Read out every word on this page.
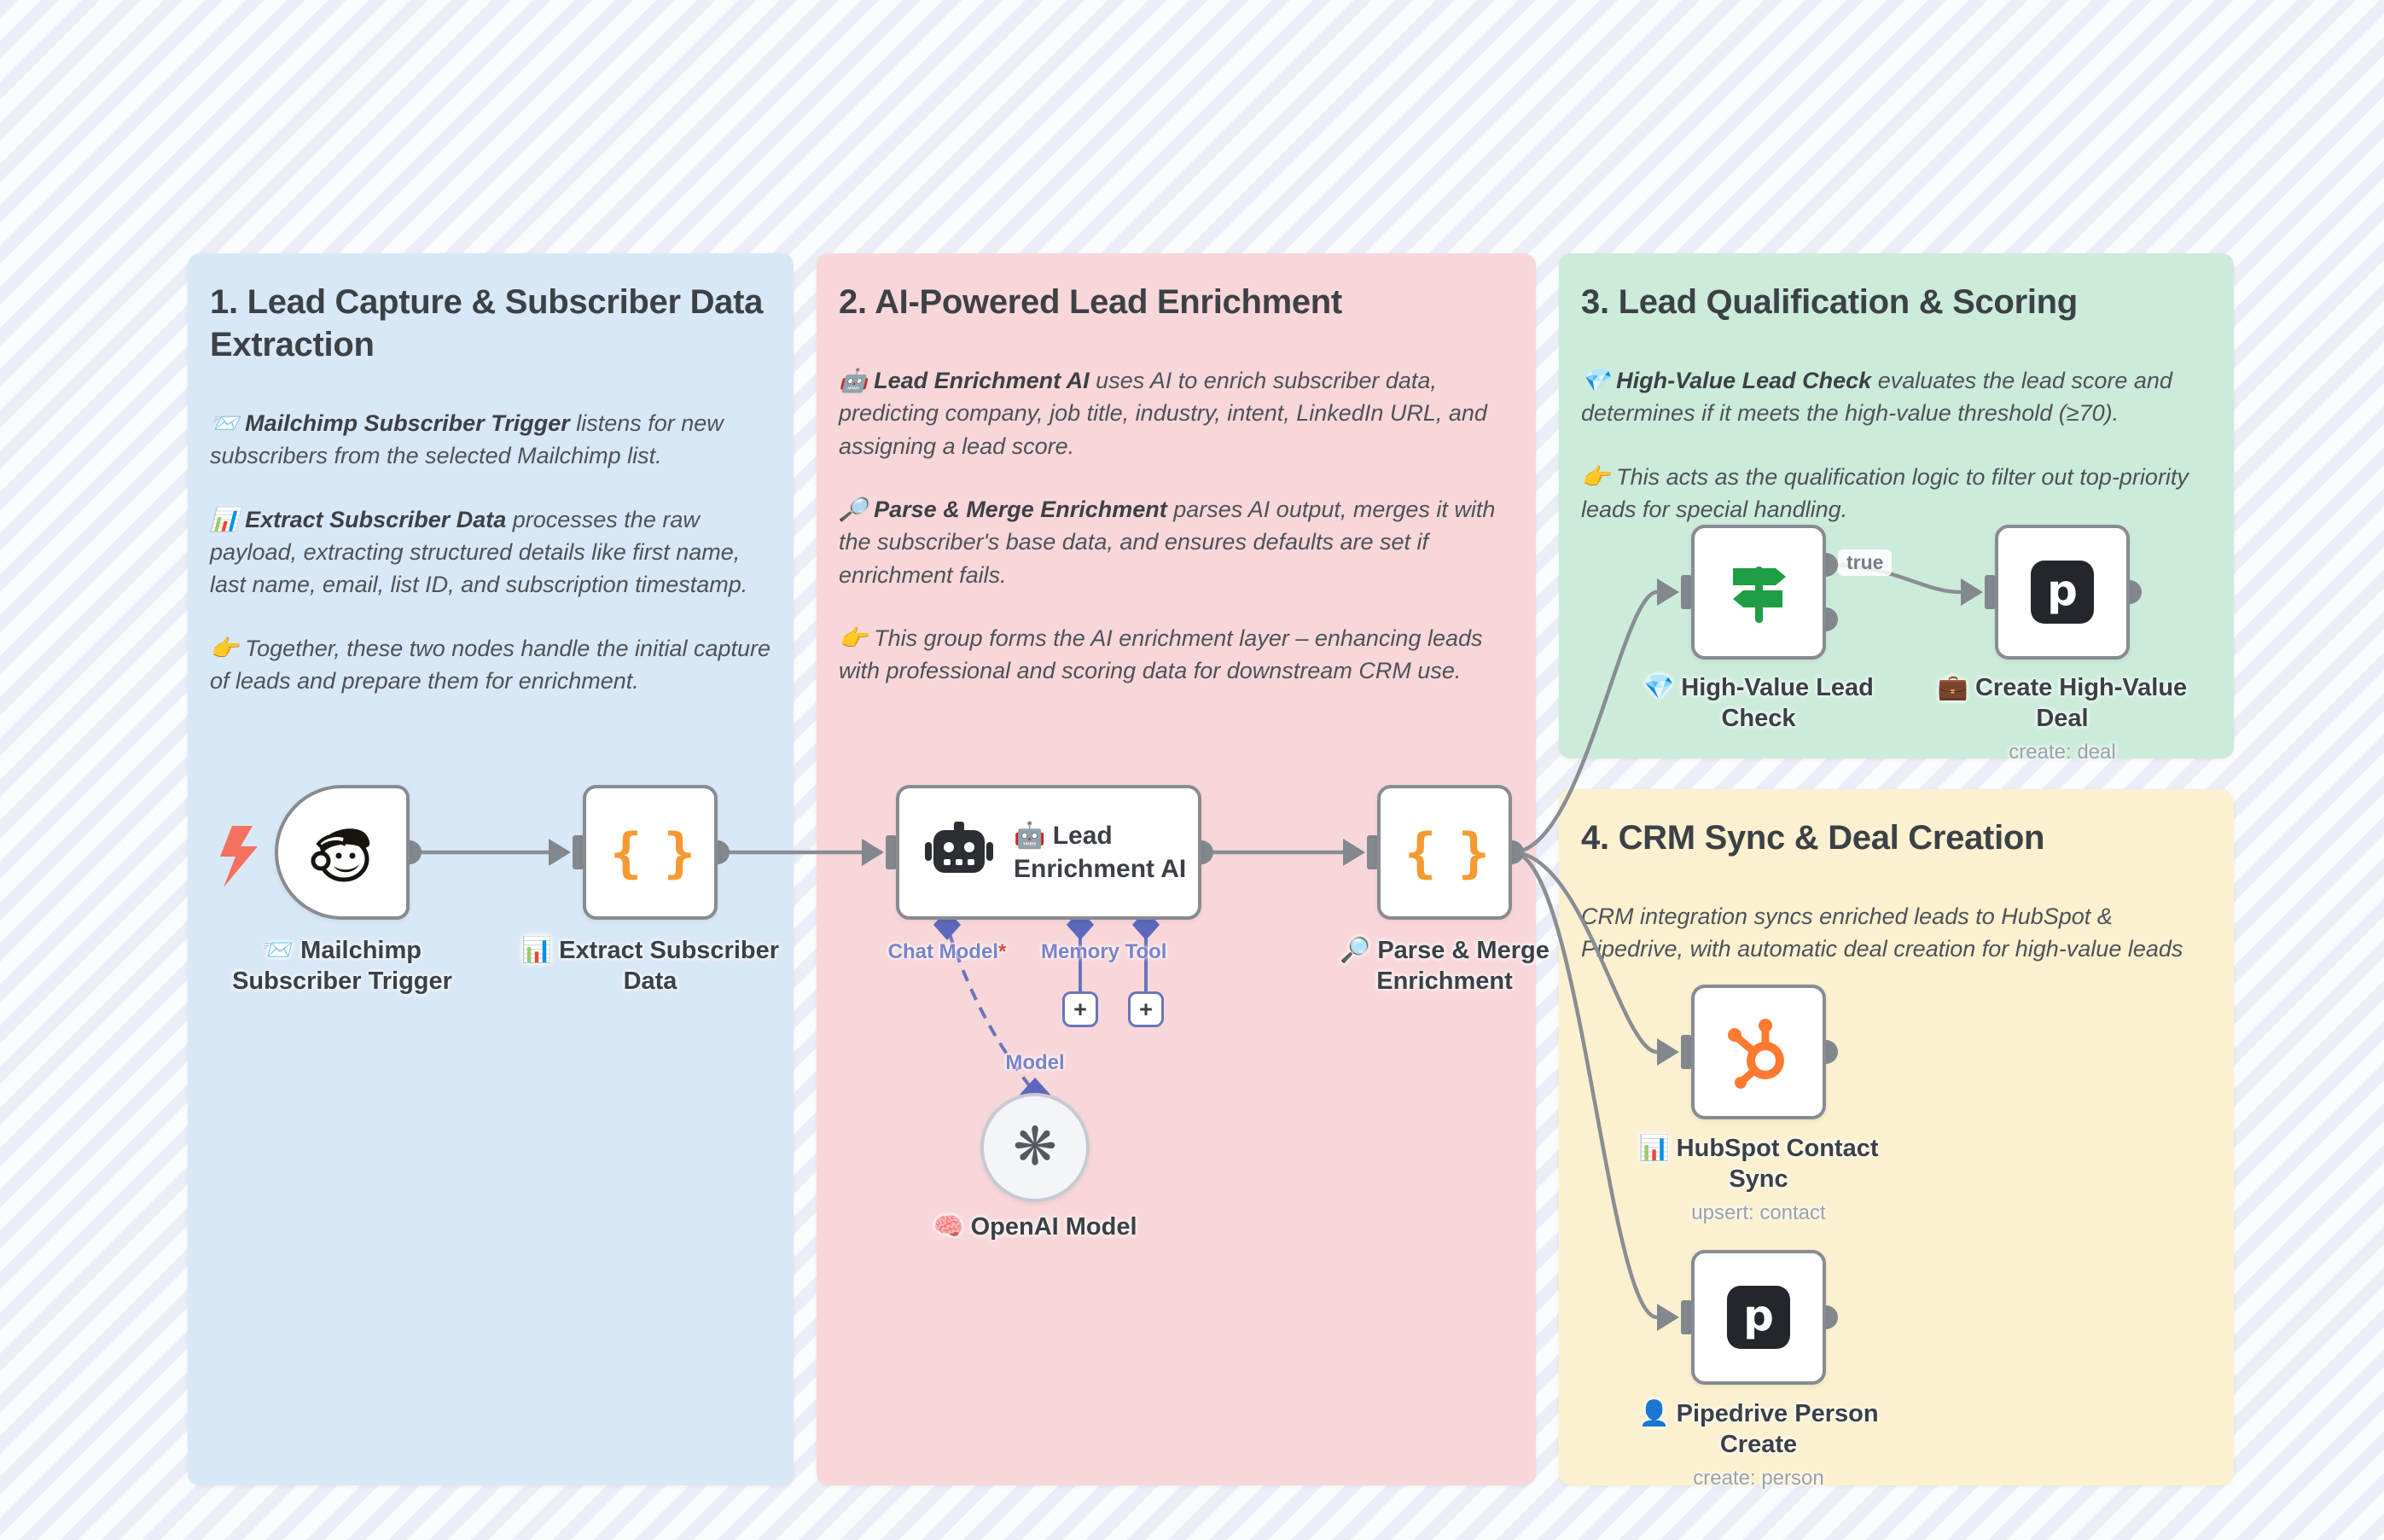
1. Lead Capture & Subscriber Data Extraction

📨 Mailchimp Subscriber Trigger listens for new subscribers from the selected Mailchimp list.

📊 Extract Subscriber Data processes the raw payload, extracting structured details like first name, last name, email, list ID, and subscription timestamp.

👉 Together, these two nodes handle the initial capture of leads and prepare them for enrichment.

2. AI-Powered Lead Enrichment

🤖 Lead Enrichment AI uses AI to enrich subscriber data, predicting company, job title, industry, intent, LinkedIn URL, and assigning a lead score.

🔎 Parse & Merge Enrichment parses AI output, merges it with the subscriber's base data, and ensures defaults are set if enrichment fails.

👉 This group forms the AI enrichment layer – enhancing leads with professional and scoring data for downstream CRM use.

3. Lead Qualification & Scoring

💎 High-Value Lead Check evaluates the lead score and determines if it meets the high-value threshold (≥70).

👉 This acts as the qualification logic to filter out top-priority leads for special handling.

4. CRM Sync & Deal Creation

CRM integration syncs enriched leads to HubSpot & Pipedrive, with automatic deal creation for high-value leads

{ }	🤖 Lead
Enrichment AI	{ }
p
p
❋
📨 Mailchimp Subscriber Trigger
📊 Extract Subscriber Data
🔎 Parse & Merge Enrichment
💎 High-Value Lead Check
💼 Create High-Value Deal
create: deal
📊 HubSpot Contact Sync
upsert: contact
👤 Pipedrive Person Create
create: person
🧠 OpenAI Model
Chat Model*	Memory Tool
Model
true
+	+
